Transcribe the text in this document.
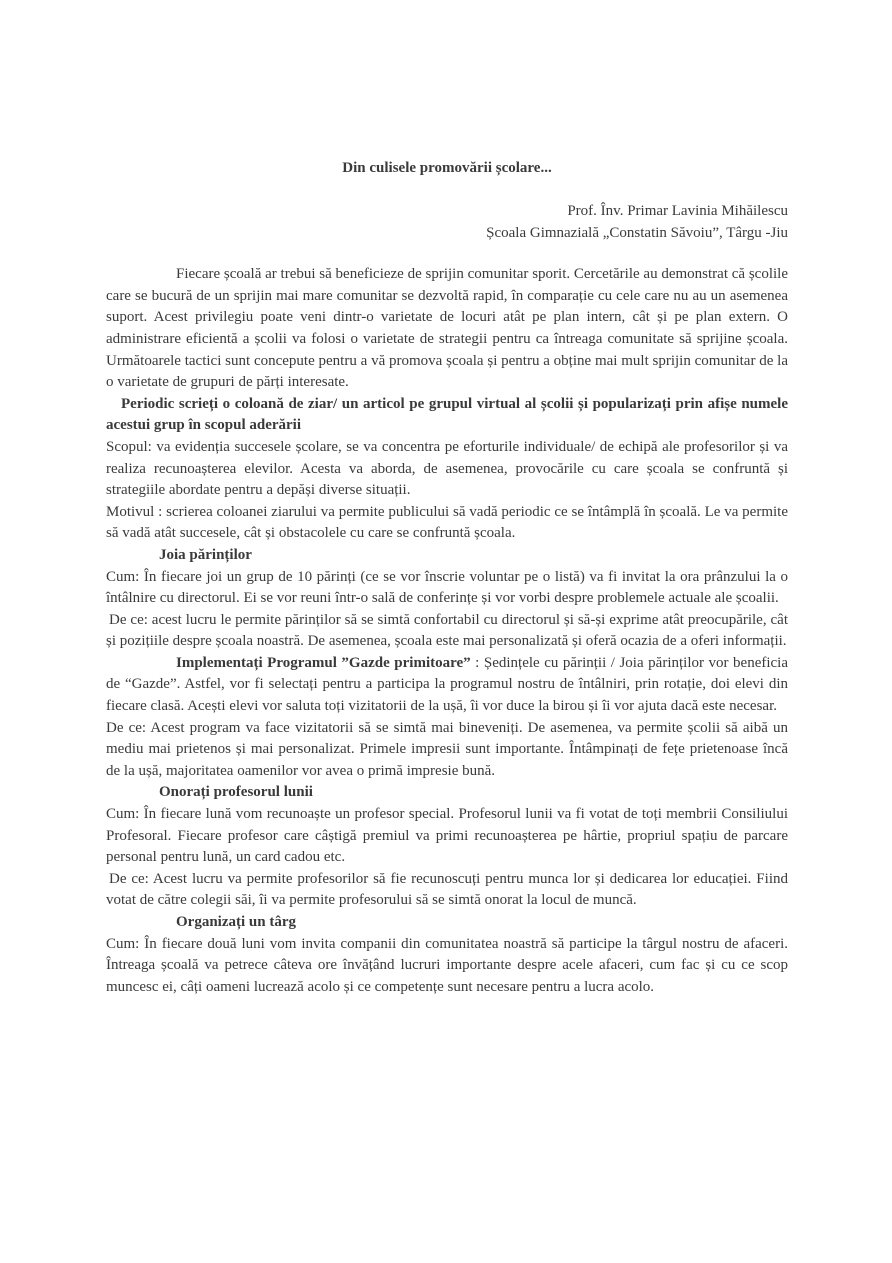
Din culisele promovării școlare...
Prof. Înv. Primar Lavinia Mihăilescu
Școala Gimnazială „Constatin Săvoiu”, Târgu -Jiu

Fiecare școală ar trebui să beneficieze de sprijin comunitar sporit. Cercetările au demonstrat că școlile care se bucură de un sprijin mai mare comunitar se dezvoltă rapid, în comparație cu cele care nu au un asemenea suport. Acest privilegiu poate veni dintr-o varietate de locuri atât pe plan intern, cât și pe plan extern. O administrare eficientă a școlii va folosi o varietate de strategii pentru ca întreaga comunitate să sprijine școala. Următoarele tactici sunt concepute pentru a vă promova școala și pentru a obține mai mult sprijin comunitar de la o varietate de grupuri de părți interesate.

Periodic scrieți o coloană de ziar/ un articol pe grupul virtual al școlii și popularizați prin afișe numele acestui grup în scopul aderării

Scopul: va evidenția succesele școlare, se va concentra pe eforturile individuale/ de echipă ale profesorilor și va realiza recunoașterea elevilor. Acesta va aborda, de asemenea, provocările cu care școala se confruntă și strategiile abordate pentru a depăși diverse situații.

Motivul : scrierea coloanei ziarului va permite publicului să vadă periodic ce se întâmplă în școală. Le va permite să vadă atât succesele, cât și obstacolele cu care se confruntă școala.

Joia părinților

Cum: În fiecare joi un grup de 10 părinți (ce se vor înscrie voluntar pe o listă) va fi invitat la ora prânzului la o întâlnire cu directorul. Ei se vor reuni într-o sală de conferințe și vor vorbi despre problemele actuale ale școalii.

De ce: acest lucru le permite părinților să se simtă confortabil cu directorul și să-și exprime atât preocupările, cât și pozițiile despre școala noastră. De asemenea, școala este mai personalizată și oferă ocazia de a oferi informații.

Implementați Programul ”Gazde primitoare” : Ședințele cu părinții / Joia părinților vor beneficia de “Gazde”. Astfel, vor fi selectați pentru a participa la programul nostru de întâlniri, prin rotație, doi elevi din fiecare clasă. Acești elevi vor saluta toți vizitatorii de la ușă, îi vor duce la birou și îi vor ajuta dacă este necesar.

De ce: Acest program va face vizitatorii să se simtă mai bineveniți. De asemenea, va permite școlii să aibă un mediu mai prietenos și mai personalizat. Primele impresii sunt importante. Întâmpinați de fețe prietenoase încă de la ușă, majoritatea oamenilor vor avea o primă impresie bună.

Onorați profesorul lunii

Cum: În fiecare lună vom recunoaște un profesor special. Profesorul lunii va fi votat de toți membrii Consiliului Profesoral. Fiecare profesor care câștigă premiul va primi recunoașterea pe hârtie, propriul spațiu de parcare personal pentru lună, un card cadou etc.

De ce: Acest lucru va permite profesorilor să fie recunoscuți pentru munca lor și dedicarea lor educației. Fiind votat de către colegii săi, îi va permite profesorului să se simtă onorat la locul de muncă.

Organizați un târg

Cum: În fiecare două luni vom invita companii din comunitatea noastră să participe la târgul nostru de afaceri. Întreaga școală va petrece câteva ore învățând lucruri importante despre acele afaceri, cum fac și cu ce scop muncesc ei, câți oameni lucrează acolo și ce competențe sunt necesare pentru a lucra acolo.
